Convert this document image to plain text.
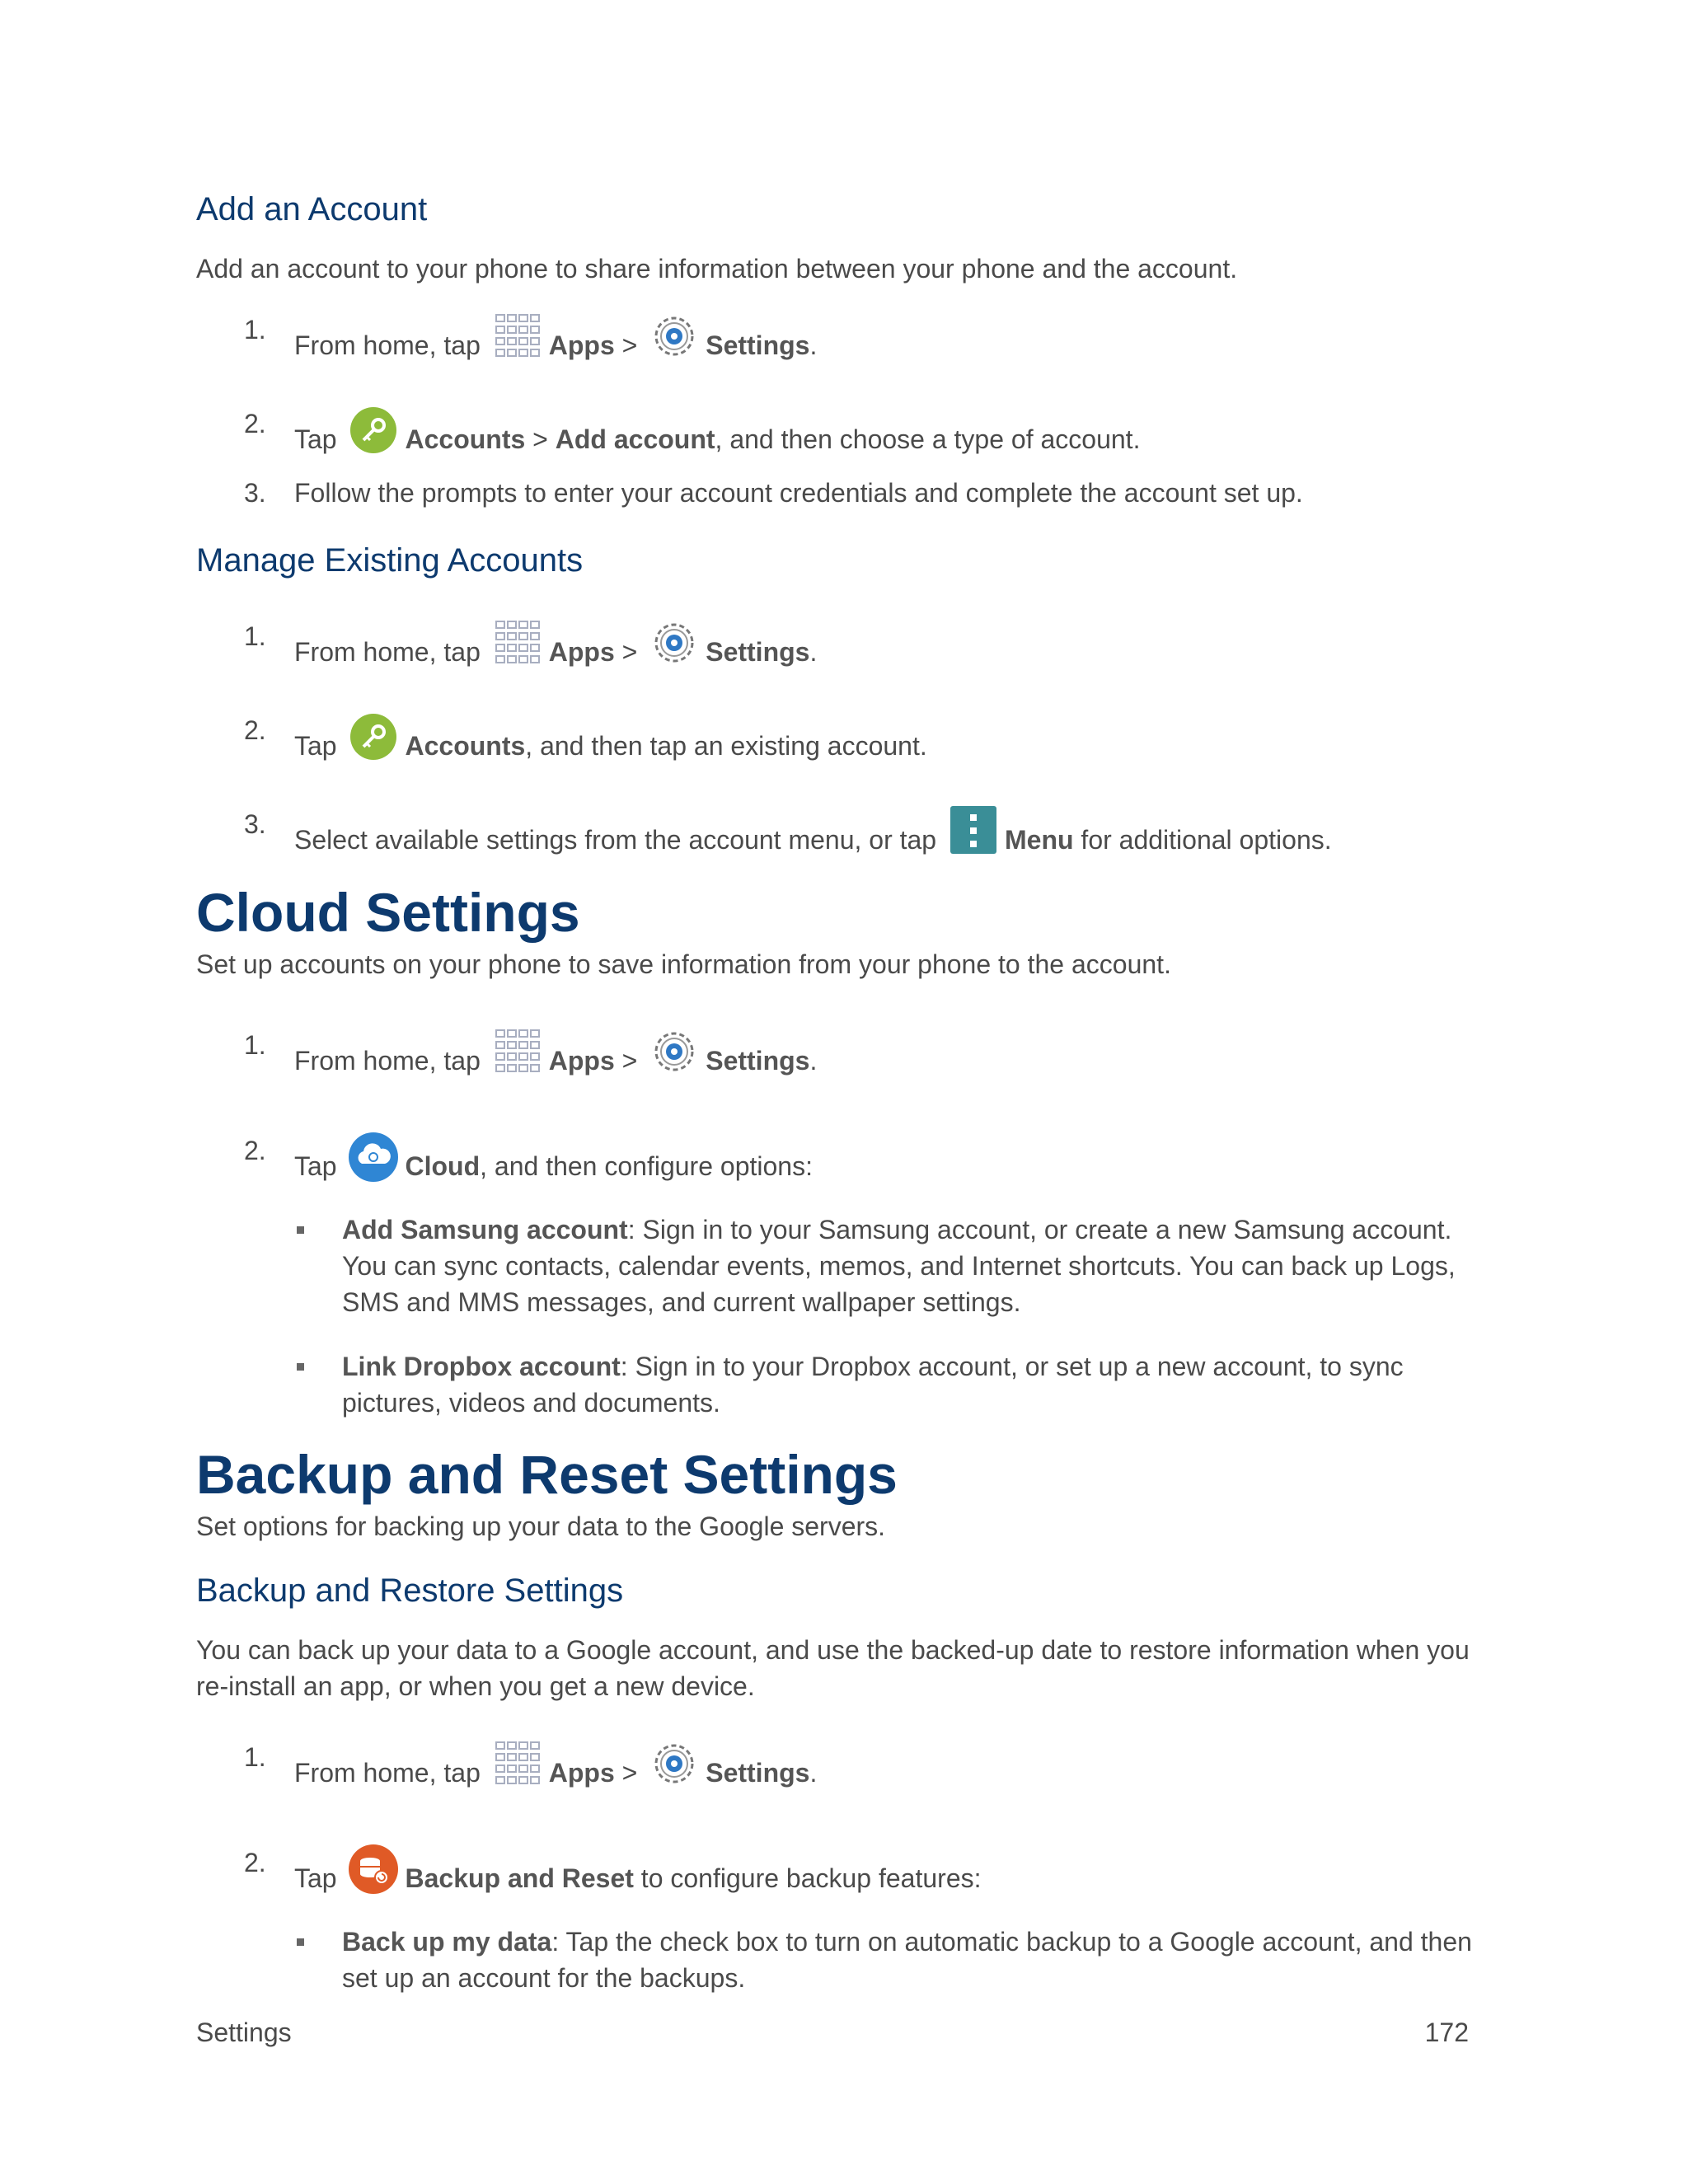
Add an Account

Add an account to your phone to share information between your phone and the account.

1.
From home, tap	Apps >	Settings.
2.
Tap	Accounts > Add account, and then choose a type of account.
3. Follow the prompts to enter your account credentials and complete the account set up.
Manage Existing Accounts
1.
From home, tap	Apps >	Settings.
2.
Tap	Accounts, and then tap an existing account.
3.
Select available settings from the account menu, or tap	Menu for additional options.
Cloud Settings

Set up accounts on your phone to save information from your phone to the account.

1.
From home, tap	Apps >	Settings.
2.
Tap	Cloud, and then configure options:
Add Samsung account: Sign in to your Samsung account, or create a new Samsung account. You can sync contacts, calendar events, memos, and Internet shortcuts. You can back up Logs, SMS and MMS messages, and current wallpaper settings.
Link Dropbox account: Sign in to your Dropbox account, or set up a new account, to sync pictures, videos and documents.
Backup and Reset Settings

Set options for backing up your data to the Google servers.

Backup and Restore Settings

You can back up your data to a Google account, and use the backed-up date to restore information when you re-install an app, or when you get a new device.

1.
From home, tap	Apps >	Settings.
2.
Tap	Backup and Reset to configure backup features:
Back up my data: Tap the check box to turn on automatic backup to a Google account, and then set up an account for the backups.
Settings	172
